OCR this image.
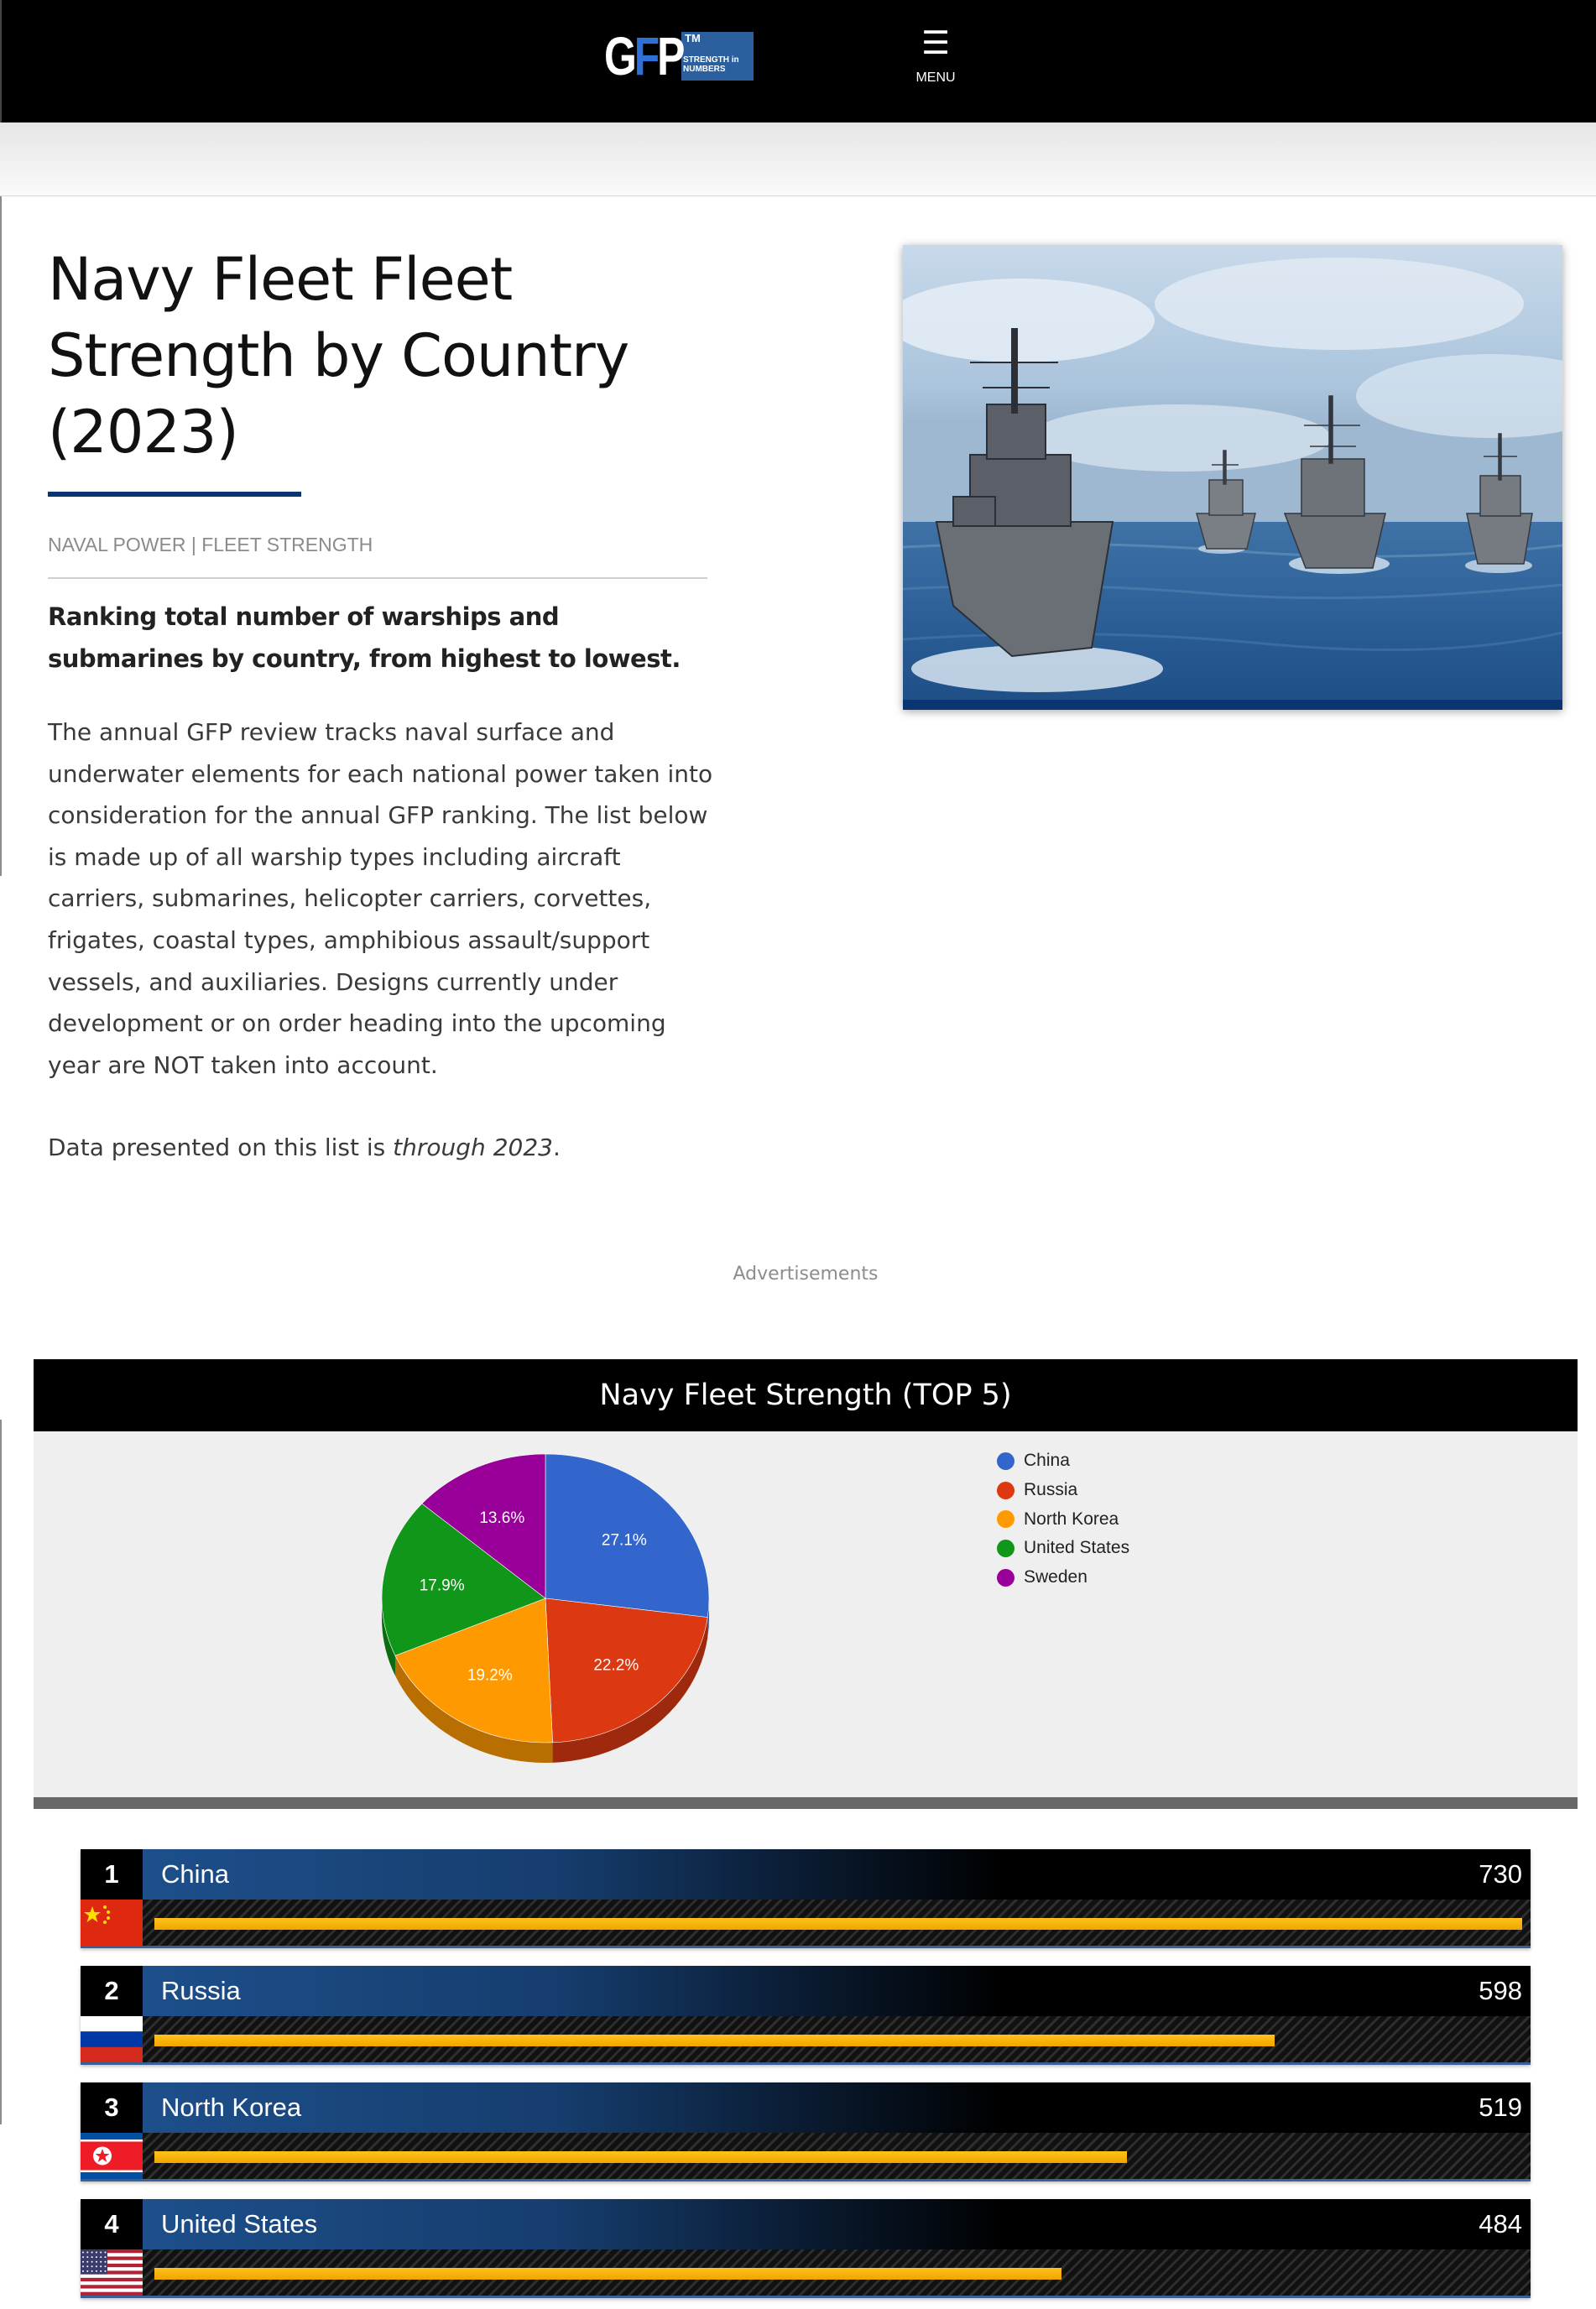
GFP TM
STRENGTH in NUMBERS
☰
MENU
Navy Fleet Fleet Strength by Country (2023)
NAVAL POWER | FLEET STRENGTH

Ranking total number of warships and submarines by country, from highest to lowest.

The annual GFP review tracks naval surface and underwater elements for each national power taken into consideration for the annual GFP ranking. The list below is made up of all warship types including aircraft carriers, submarines, helicopter carriers, corvettes, frigates, coastal types, amphibious assault/support vessels, and auxiliaries. Designs currently under development or on order heading into the upcoming year are NOT taken into account.

Data presented on this list is through 2023.

Advertisements
Navy Fleet Strength (TOP 5)
27.1%
22.2%
19.2%
17.9%
13.6%
China
Russia
North Korea
United States
Sweden
1	China	730
2	Russia	598
3	North Korea	519
4	United States	484
